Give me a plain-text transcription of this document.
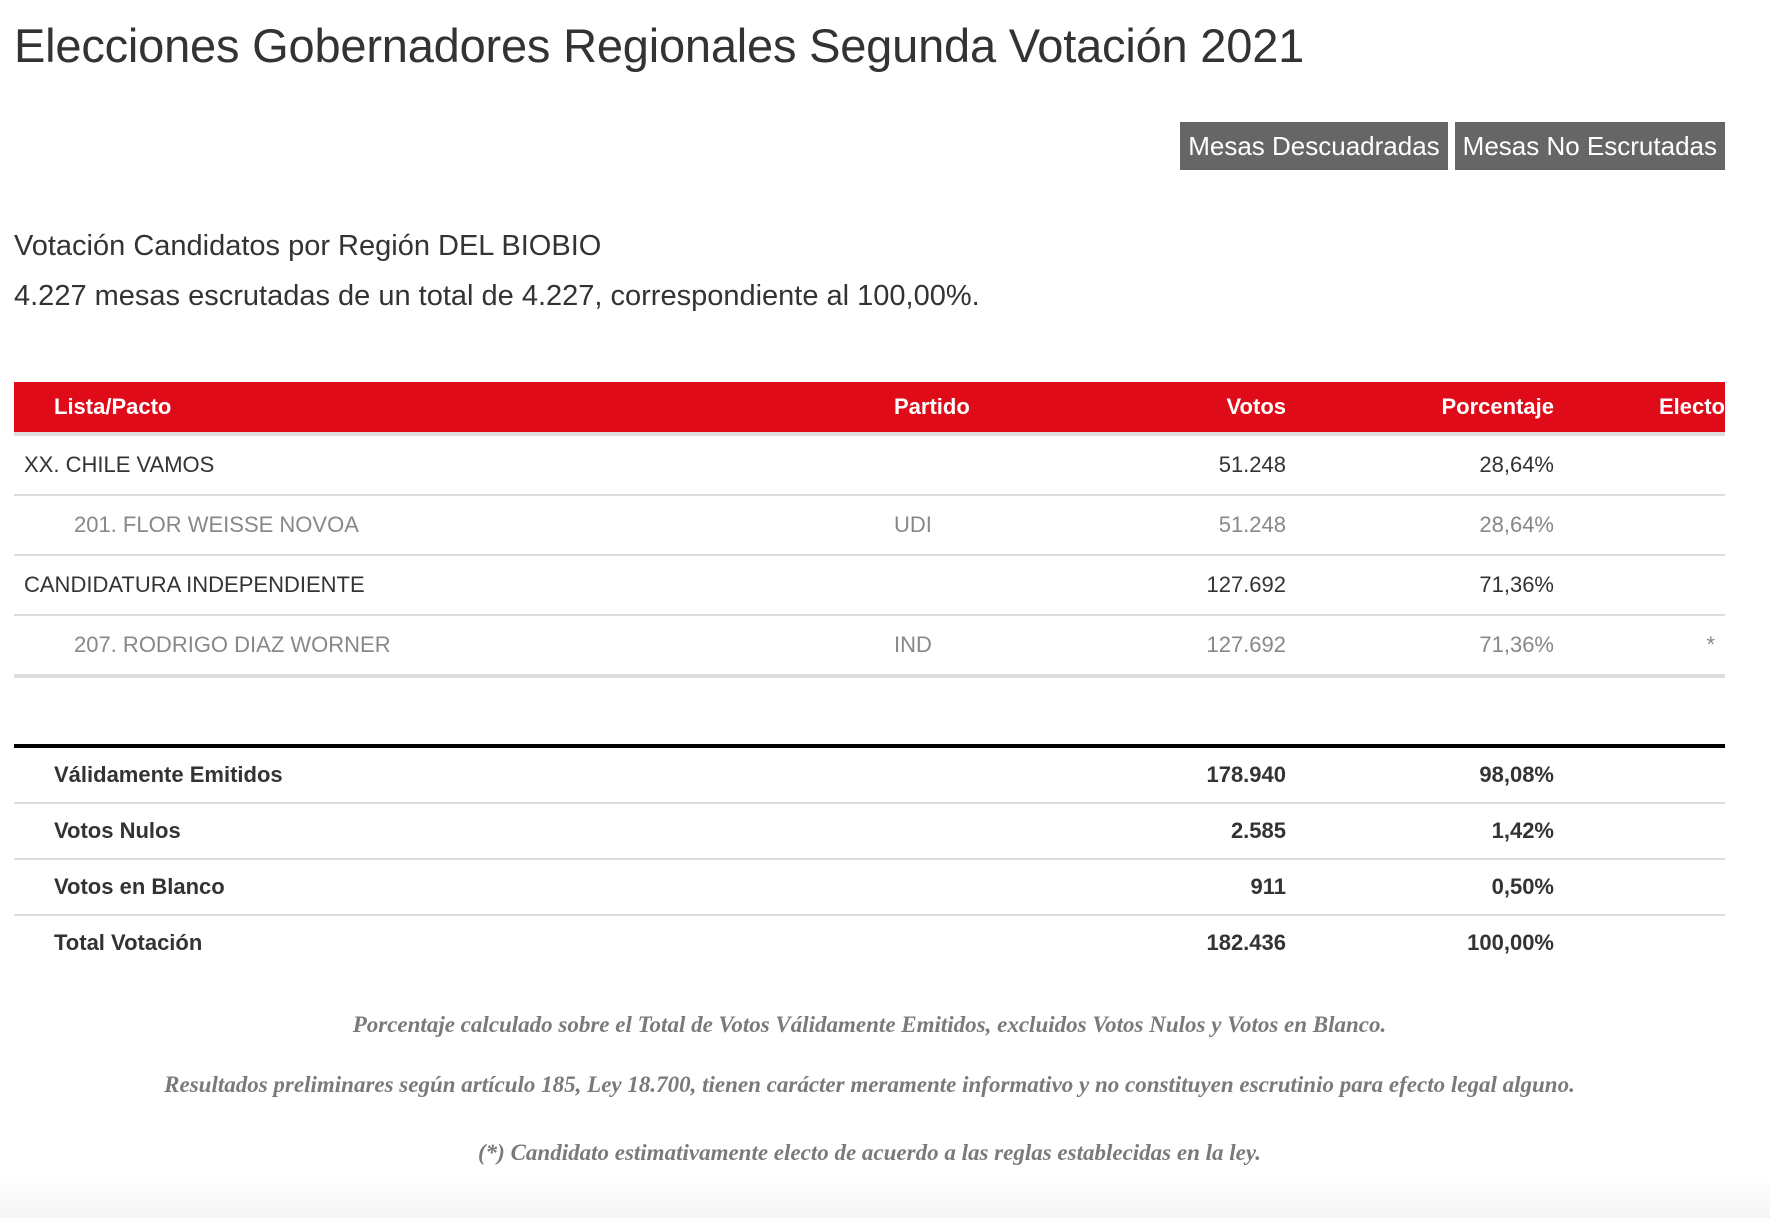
Elecciones Gobernadores Regionales Segunda Votación 2021
Mesas Descuadradas Mesas No Escrutadas
Votación Candidatos por Región DEL BIOBIO
4.227 mesas escrutadas de un total de 4.227, correspondiente al 100,00%.
Lista/Pacto	Partido	Votos	Porcentaje	Electo
XX. CHILE VAMOS		51.248	28,64%	
201. FLOR WEISSE NOVOA	UDI	51.248	28,64%	
CANDIDATURA INDEPENDIENTE		127.692	71,36%	
207. RODRIGO DIAZ WORNER	IND	127.692	71,36%	*
Válidamente Emitidos	178.940	98,08%	
Votos Nulos	2.585	1,42%	
Votos en Blanco	911	0,50%	
Total Votación	182.436	100,00%	

Porcentaje calculado sobre el Total de Votos Válidamente Emitidos, excluidos Votos Nulos y Votos en Blanco.

Resultados preliminares según artículo 185, Ley 18.700, tienen carácter meramente informativo y no constituyen escrutinio para efecto legal alguno.

(*) Candidato estimativamente electo de acuerdo a las reglas establecidas en la ley.
